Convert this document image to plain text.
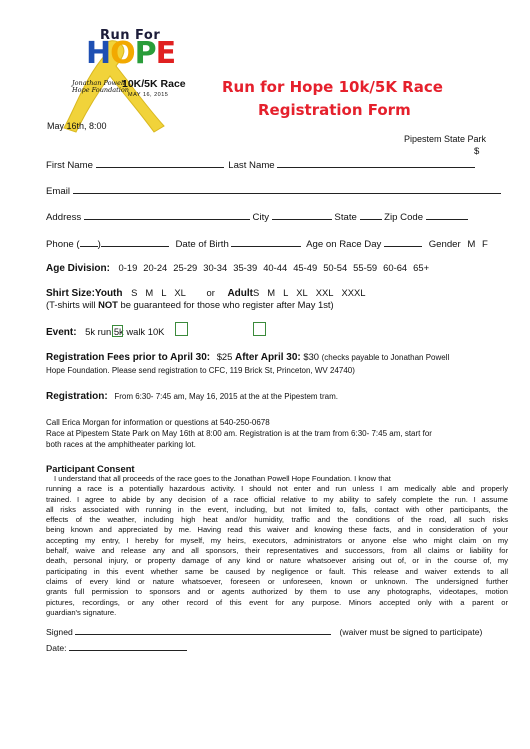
Run For
HOPE
Jonathan Powell
Hope Foundation
10K/5K Race
MAY 16, 2015
May 16th, 8:00
Run for Hope 10k/5K Race
Registration Form
Pipestem State Park
$
First Name	Last Name
Email
Address	City	State	Zip Code
Phone ( )	Date of Birth	Age on Race Day	Gender M F
Age Division: 0-19 20-24 25-29 30-34 35-39 40-44 45-49 50-54 55-59 60-64 65+
Shirt Size:Youth S M L XL or AdultS M L XL XXL XXXL
(T-shirts will NOT be guaranteed for those who register after May 1st)
Event: 5k run 5k walk 10K
Registration Fees prior to April 30: $25 After April 30: $30 (checks payable to Jonathan Powell
Hope Foundation. Please send registration to CFC, 119 Brick St, Princeton, WV 24740)
Registration: From 6:30- 7:45 am, May 16, 2015 at the at the Pipestem tram.
Call Erica Morgan for information or questions at 540-250-0678
Race at Pipestem State Park on May 16th at 8:00 am. Registration is at the tram from 6:30- 7:45 am, start for
both races at the amphitheater parking lot.
Participant Consent
I understand that all proceeds of the race goes to the Jonathan Powell Hope Foundation. I know that
running a race is a potentially hazardous activity. I should not enter and run unless I am medically able and properly
trained. I agree to abide by any decision of a race official relative to my ability to safely complete the run. I assume
all risks associated with running in the event, including, but not limited to, falls, contact with other participants, the
effects of the weather, including high heat and/or humidity, traffic and the conditions of the road, all such risks
being known and appreciated by me. Having read this waiver and knowing these facts, and in consideration of your
accepting my entry, I hereby for myself, my heirs, executors, administrators or anyone else who might claim on my
behalf, waive and release any and all sponsors, their representatives and successors, from all claims or liability for
death, personal injury, or property damage of any kind or nature whatsoever arising out of, or in the course of, my
participating in this event whether same be caused by negligence or fault. This release and waiver extends to all
claims of every kind or nature whatsoever, foreseen or unforeseen, known or unknown. The undersigned further
grants full permission to sponsors and or agents authorized by them to use any photographs, videotapes, motion
pictures, recordings, or any other record of this event for any purpose. Minors accepted only with a parent or
guardian's signature.
Signed	(waiver must be signed to participate)
Date:
